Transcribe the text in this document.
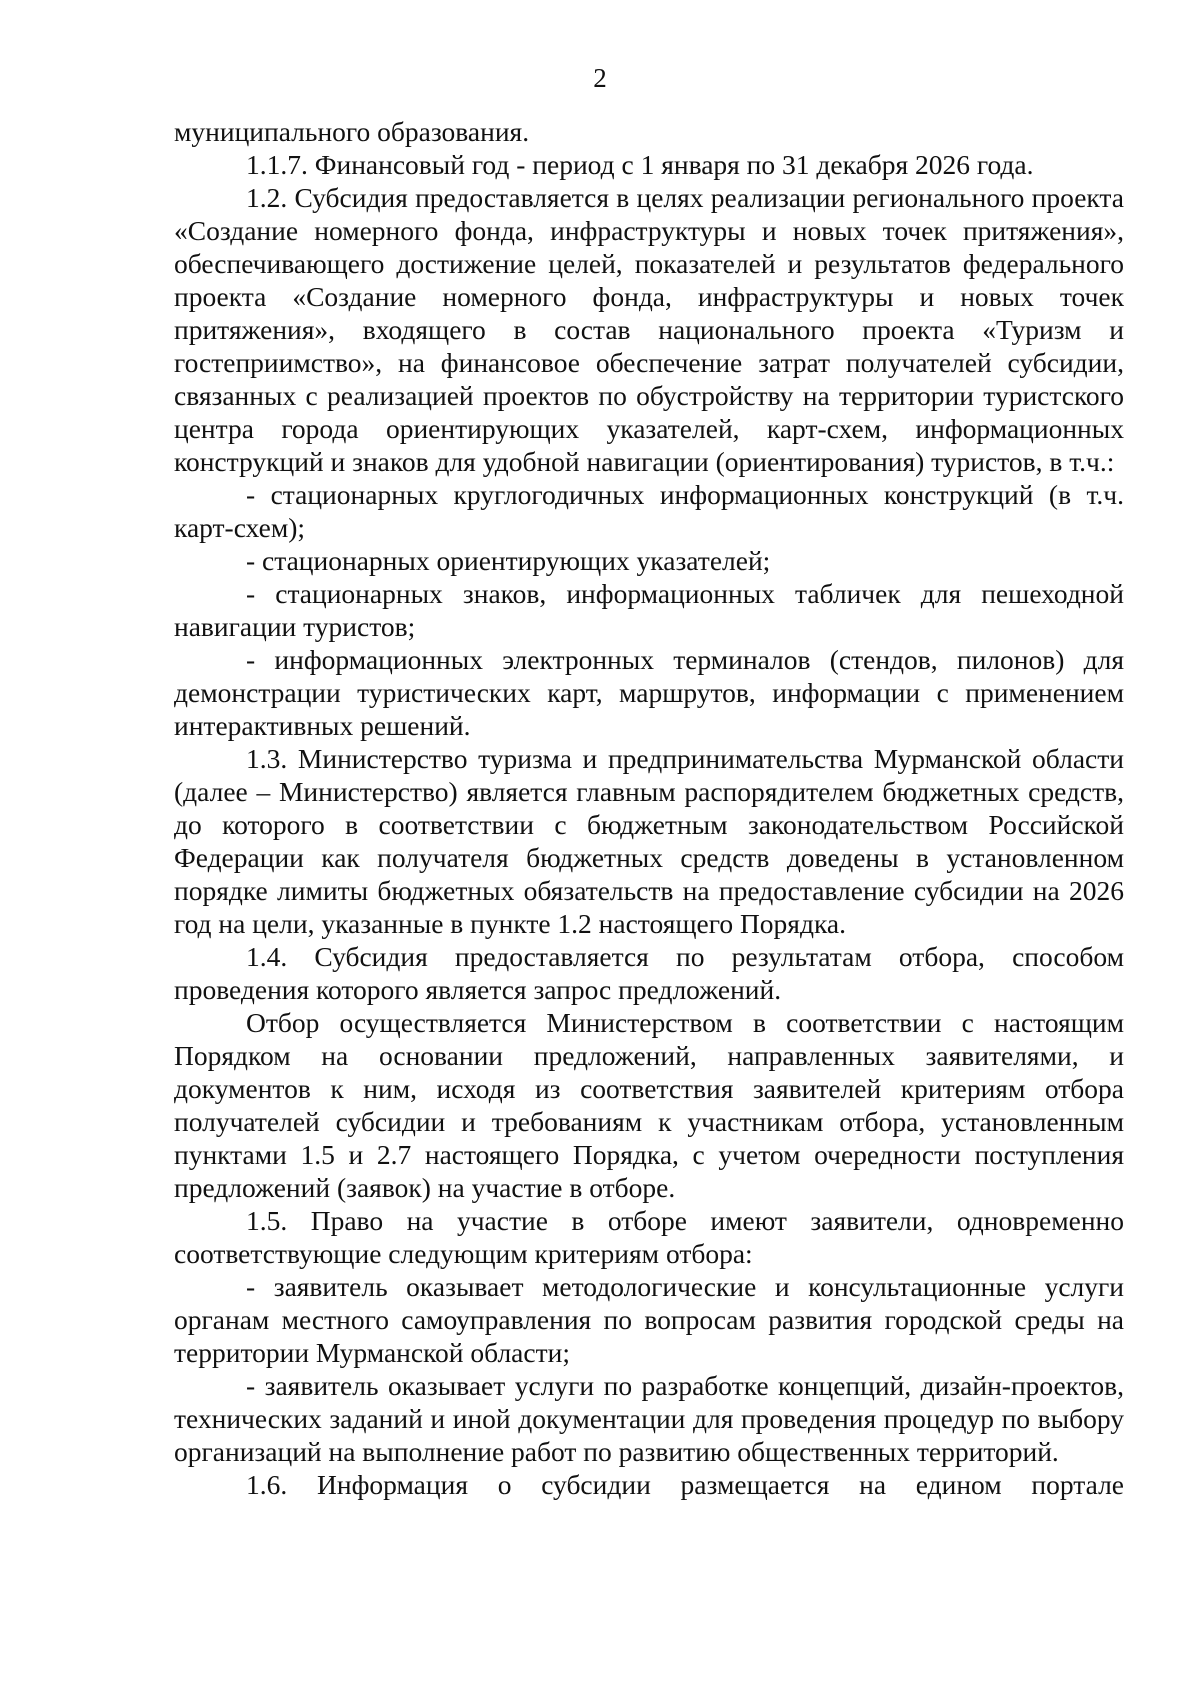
2

муниципального образования.

1.1.7. Финансовый год - период с 1 января по 31 декабря 2026 года.

1.2. Субсидия предоставляется в целях реализации регионального проекта «Создание номерного фонда, инфраструктуры и новых точек притяжения», обеспечивающего достижение целей, показателей и результатов федерального проекта «Создание номерного фонда, инфраструктуры и новых точек притяжения», входящего в состав национального проекта «Туризм и гостеприимство», на финансовое обеспечение затрат получателей субсидии, связанных с реализацией проектов по обустройству на территории туристского центра города ориентирующих указателей, карт-схем, информационных конструкций и знаков для удобной навигации (ориентирования) туристов, в т.ч.:

- стационарных круглогодичных информационных конструкций (в т.ч. карт-схем);

- стационарных ориентирующих указателей;

- стационарных знаков, информационных табличек для пешеходной навигации туристов;

- информационных электронных терминалов (стендов, пилонов) для демонстрации туристических карт, маршрутов, информации с применением интерактивных решений.

1.3. Министерство туризма и предпринимательства Мурманской области (далее – Министерство) является главным распорядителем бюджетных средств, до которого в соответствии с бюджетным законодательством Российской Федерации как получателя бюджетных средств доведены в установленном порядке лимиты бюджетных обязательств на предоставление субсидии на 2026 год на цели, указанные в пункте 1.2 настоящего Порядка.

1.4. Субсидия предоставляется по результатам отбора, способом проведения которого является запрос предложений.

Отбор осуществляется Министерством в соответствии с настоящим Порядком на основании предложений, направленных заявителями, и документов к ним, исходя из соответствия заявителей критериям отбора получателей субсидии и требованиям к участникам отбора, установленным пунктами 1.5 и 2.7 настоящего Порядка, с учетом очередности поступления предложений (заявок) на участие в отборе.

1.5. Право на участие в отборе имеют заявители, одновременно соответствующие следующим критериям отбора:

- заявитель оказывает методологические и консультационные услуги органам местного самоуправления по вопросам развития городской среды на территории Мурманской области;

- заявитель оказывает услуги по разработке концепций, дизайн-проектов, технических заданий и иной документации для проведения процедур по выбору организаций на выполнение работ по развитию общественных территорий.

1.6. Информация о субсидии размещается на едином портале
